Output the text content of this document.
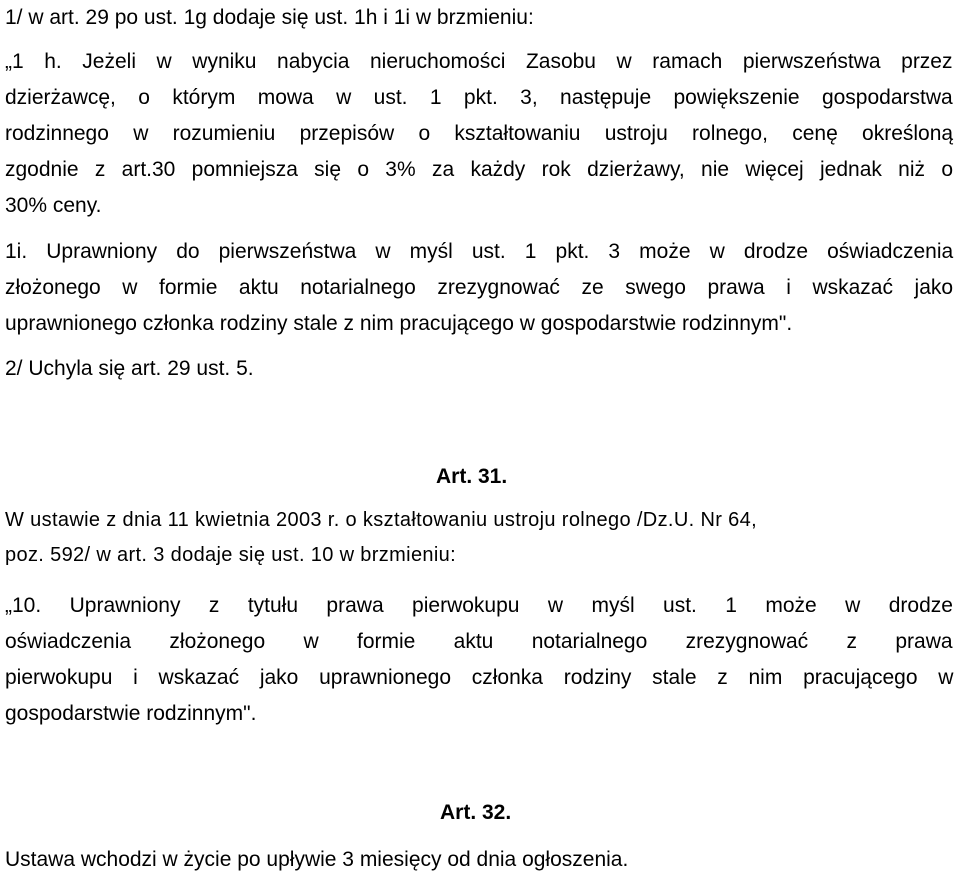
1/ w art. 29 po ust. 1g dodaje się ust. 1h i 1i w brzmieniu:

„1 h. Jeżeli w wyniku nabycia nieruchomości Zasobu w ramach pierwszeństwa przez

dzierżawcę, o którym mowa w ust. 1 pkt. 3, następuje powiększenie gospodarstwa

rodzinnego w rozumieniu przepisów o kształtowaniu ustroju rolnego, cenę określoną

zgodnie z art.30 pomniejsza się o 3% za każdy rok dzierżawy, nie więcej jednak niż o

30% ceny.

1i. Uprawniony do pierwszeństwa w myśl ust. 1 pkt. 3 może w drodze oświadczenia

złożonego w formie aktu notarialnego zrezygnować ze swego prawa i wskazać jako

uprawnionego członka rodziny stale z nim pracującego w gospodarstwie rodzinnym".

2/ Uchyla się art. 29 ust. 5.

Art. 31.

W ustawie z dnia 11 kwietnia 2003 r. o kształtowaniu ustroju rolnego /Dz.U. Nr 64,

poz. 592/ w art. 3 dodaje się ust. 10 w brzmieniu:

„10. Uprawniony z tytułu prawa pierwokupu w myśl ust. 1 może w drodze

oświadczenia złożonego w formie aktu notarialnego zrezygnować z prawa

pierwokupu i wskazać jako uprawnionego członka rodziny stale z nim pracującego w

gospodarstwie rodzinnym".

Art. 32.

Ustawa wchodzi w życie po upływie 3 miesięcy od dnia ogłoszenia.
